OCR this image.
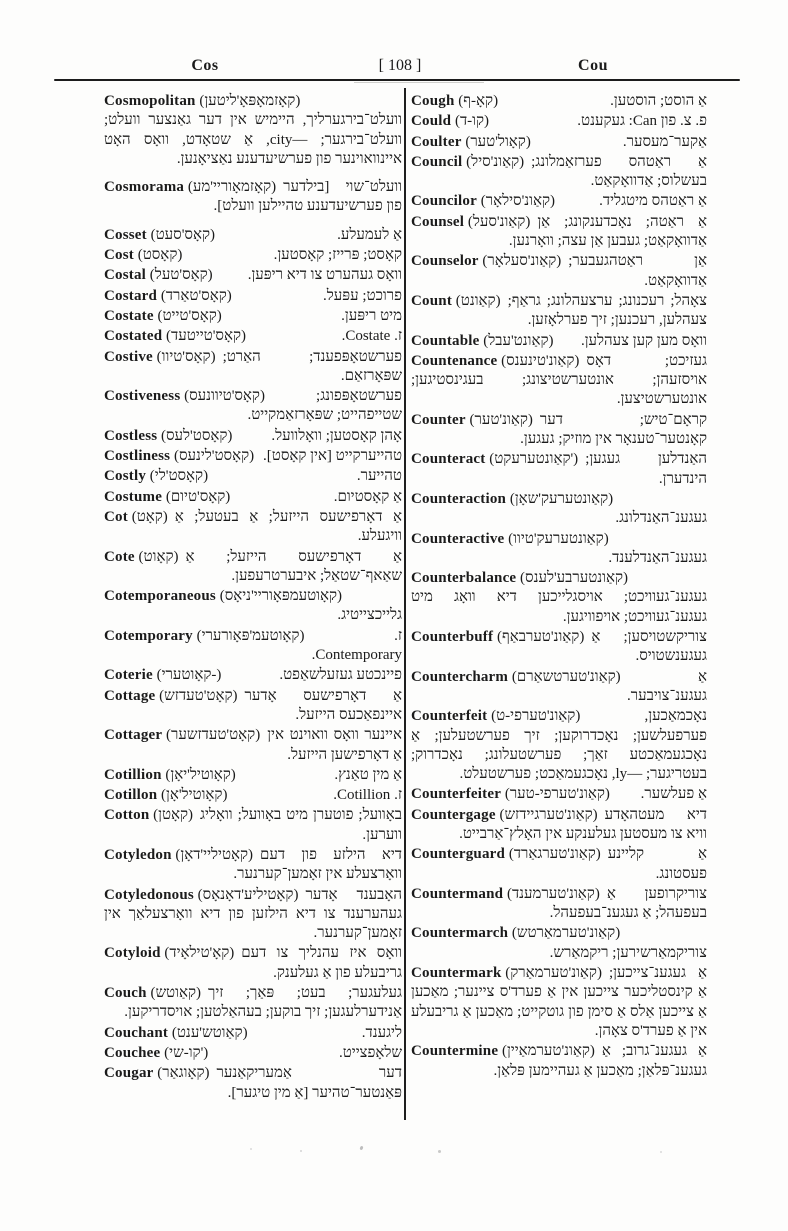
Cos	[ 108 ]	Cou
Cosmopolitan (קאָזמאָפּאָ'ליטען)
וועלט־בירגערליך, היימיש אין דער גאַנצער וועלט; וועלט־בירגער; —city, אַ שטאָדט, וואָס האָט איינוואוינער פון פערשיעדענע נאַציאָנען.
Cosmorama (קאָזמאָוריי'מע) וועלט־שוי [בילדער פון פערשיעדענע טהיילען וועלט].
Cosset (קאָס'סעט)	אַ לעמעלע.
Cost (קאָסט)	קאָסט; פּרייז; קאָסטען.
Costal (קאָס'טעל) וואָס געהערט צו דיא ריפּען.
Costard (קאָס'טאַרד)	פרוכט; עפּעל.
Costate (קאָס'טייט)	מיט ריפּען.
Costated (קאָס'טייטעד)	ז. Costate.
Costive (קאָס'טיוו) פערשטאָפּפענד; האַרט; שפּאָרזאַם.
Costiveness (קאָס'טיוונעס)	פערשטאָפּפונג; שטייפהייט; שפּאָרזאַמקייט.
Costless (קאָסט'לעס)	אָהן קאָסטען; וואָלוועל.
Costliness (קאָסט'לינעס) טהייערקייט [אין קאָסט].
Costly (קאָסט'לי)	טהייער.
Costume (קאָס'טיום)	אַ קאָסטיום.
Cot (קאָט) אַ דאָרפישעס הייזעל; אַ בעטעל; אַ וויגעלע.
Cote (קאָוט) אַ דאָרפישעס הייזעל; אַ שאַאף־שטאַל; איבערטרעפען.
Cotemporaneous (קאָוטעמפּאָוריי'ניאָס)
גלייכצייטיג.
Cotemporary (קאָוטעמ'פּאָורערי)	ז. Contemporary.
Coterie (קאָוטערי-)	פיינכטע געזעלשאַפט.
Cottage (קאָט'טעדזש) אַ דאָרפישעס אָדער איינפאַכעס הייזעל.
Cottager (קאָט'טעדזשער) איינער וואָס וואוינט אין אַ דאָרפישען הייזעל.
Cotillion (קאָוטיל'יאָן)	אַ מין טאַנץ.
Cotillon (קאָוטיל'אָן)	ז. Cotillion.
Cotton (קאָטן) באָוועל; פוטערן מיט באָוועל; וואָליג ווערען.
Cotyledon (קאָטיליי'דאָן) דיא הילזע פון דעם וואָרצעלע אין זאָמען־קערנער.
Cotyledonous (קאָטיליע'דאָנאָס) האָבענד אָדער געהערענד צו דיא הילזען פון דיא וואָרצעלאַך אין זאָמען־קערנער.
Cotyloid (קאָ'טילאָיד) וואָס איז עהנליך צו דעם גריבעלע פון אַ געלענק.
Couch (קאַוטש) געלעגער; בעט; פּאַך; זיך אַנידערלעגען; זיך בוקען; בעהאַלטען; אויסדריקען.
Couchant (קאַוטש'ענט)	ליגענד.
Couchee (קו-שי')	שלאָפצייט.
Cougar (קאָוגאַר) דער אַמעריקאַנער פּאַנטער־טהיער [אַ מין טיגער].
Cough (קאָ-ף)	אַ הוסט; הוסטען.
Could (קו-ד)	פ. צ. פון Can: געקענט.
Coulter (קאָול'טער)	אַקער־מעסער.
Council (קאַונ'סיל) אַ ראַטהס פערזאַמלונג; בעשלוס; אַדוואָקאַט.
Councilor (קאַונ'סילאָר)	אַ ראַטהס מיטגליד.
Counsel (קאַונ'סעל) אַ ראַטה; נאָכדענקונג; אַן אַדוואָקאַט; געבען אַן עצה; וואָרנען.
Counselor (קאַונ'סעלאָר) אַן ראַטהגעבער; אַדוואָקאַט.
Count (קאַונט) צאָהל; רעכנונג; ערצעהלונג; גראַף; צעהלען, רעכנען; זיך פערלאָזען.
Countable (קאַונט'עבל) וואָס מען קען צעהלען.
Countenance (קאַונ'טינענס) געזיכט; דאָס אויסזעהן; אונטערשטיצונג; בעגינסטיגען; אונטערשטיצען.
Counter (קאַונ'טער) קראָם־טיש; דער קאָנטער־טענאָר אין מוזיק; געגען.
Counteract (קאַונטערעקט') האַנדלען געגען; הינדערן.
Counteraction (קאַונטערעק'שאָן)
געגענ־האַנדלונג.
Counteractive (קאַונטערעק'טיוו)
געגענ־האַנדלענד.
Counterbalance (קאַונטערבע'לענס)
געגענ־געוויכט; אויסגלייכען דיא וואָג מיט געגענ־געוויכט; אויפוויגען.
Counterbuff (קאַונ'טערבאַף) צוריקשטויסען; אַ געגענשטויס.
Countercharm (קאַונ'טערטשאַרם)	אַ געגענ־צויבער.
Counterfeit (קאַונ'טערפי-ט)	נאָכמאַכען, פערפעלשען; נאָכדרוקען; זיך פערשטעלען; אַ נאָכגעמאַכטע זאַך; פערשטעלונג; נאָכדרוק; בעטריגער; —ly, נאָכגעמאַכט; פערשטעלט.
Counterfeiter (קאַונ'טערפי-טער) אַ פעלשער.
Countergage (קאַונ'טערגיידזש) דיא מעטהאָדע וויא צו מעסטען געלענקע אין האָלץ־אַרבייט.
Counterguard (קאַונ'טערגאַרד) אַ קליינע פעסטונג.
Countermand (קאַונ'טערמענד) צוריקרופען אַ בעפעהל; אַ געגענ־בעפעהל.
Countermarch (קאַונ'טערמאַרטש)
צוריקמאַרשירען; ריקמאַרש.
Countermark (קאַונ'טערמאַרק) אַ געגענ־צייכען; אַ קינסטליכער צייכען אין אַ פערד'ס ציינער; מאַכען אַ צייכען אַלס אַ סימן פון גוטקייט; מאַכען אַ גריבעלע אין אַ פערד'ס צאָהן.
Countermine (קאַונ'טערמאַיין) אַ געגענ־גרוב; אַ געגענ־פּלאַן; מאַכען אַ געהיימען פּלאַן.
